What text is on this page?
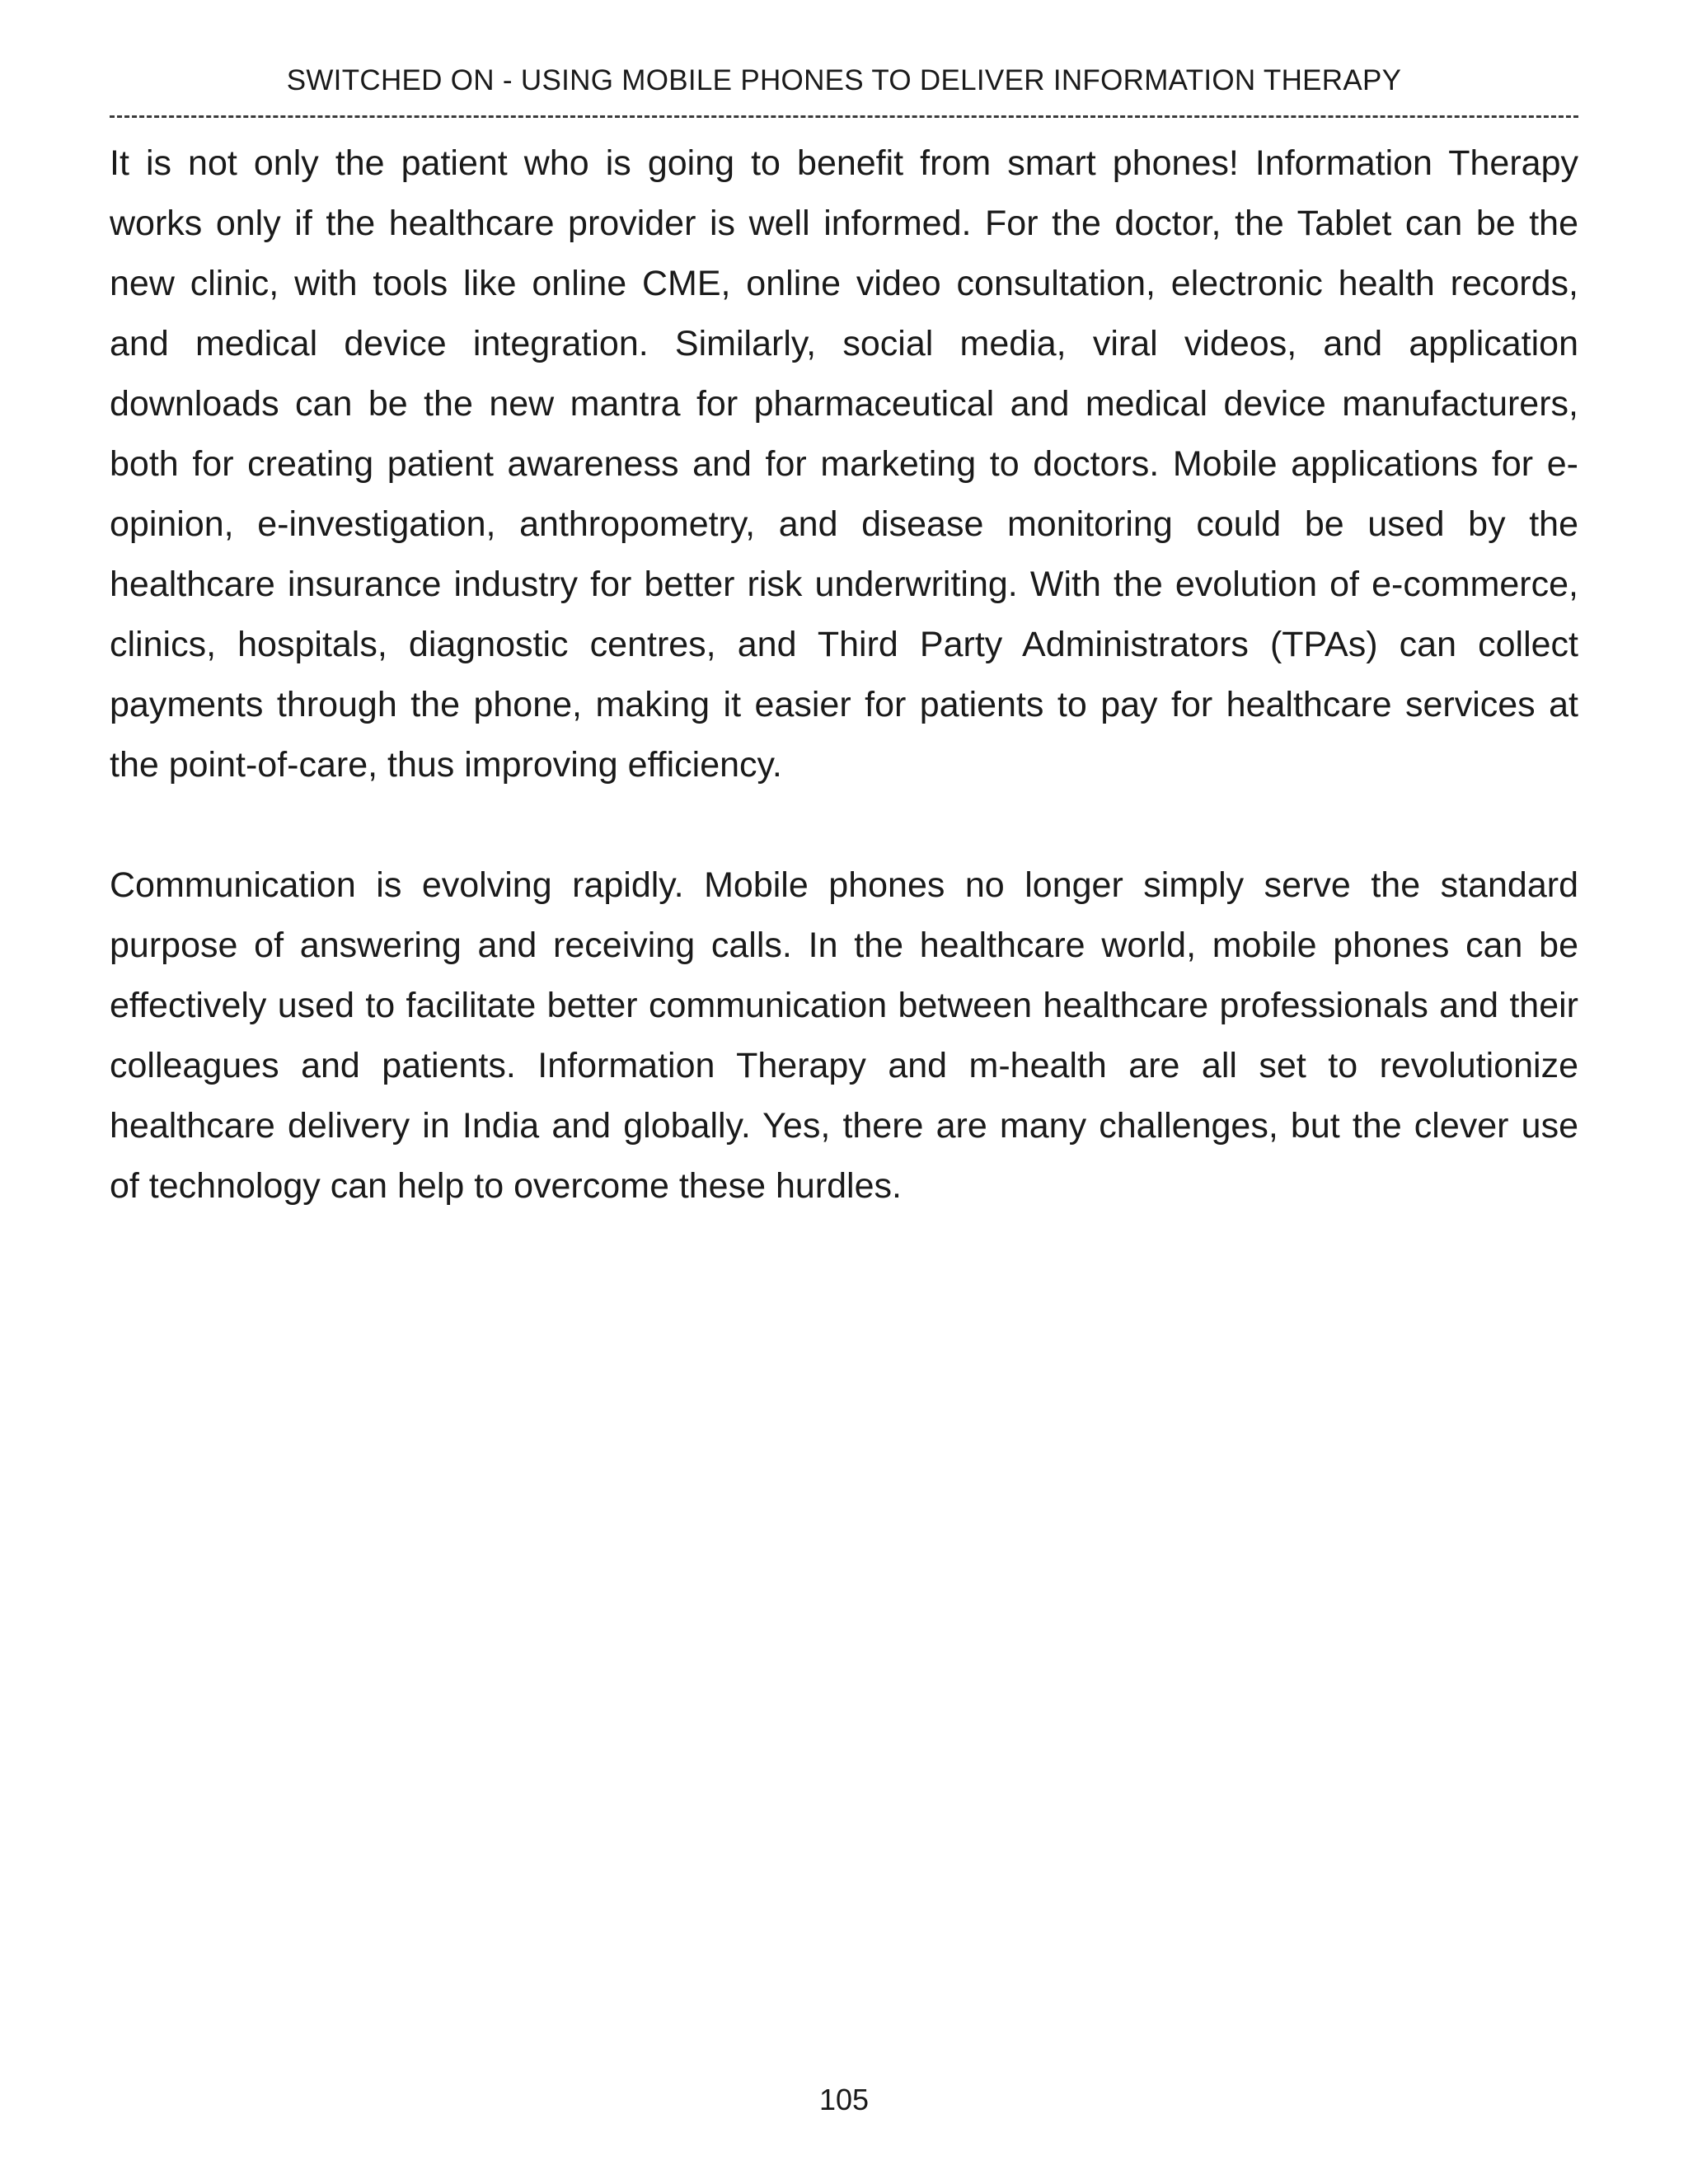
SWITCHED ON - USING MOBILE PHONES TO DELIVER INFORMATION THERAPY

It is not only the patient who is going to benefit from smart phones! Information Therapy works only if the healthcare provider is well informed. For the doctor, the Tablet can be the new clinic, with tools like online CME, online video consultation, electronic health records, and medical device integration. Similarly, social media, viral videos, and application downloads can be the new mantra for pharmaceutical and medical device manufacturers, both for creating patient awareness and for marketing to doctors. Mobile applications for e-opinion, e-investigation, anthropometry, and disease monitoring could be used by the healthcare insurance industry for better risk underwriting. With the evolution of e-commerce, clinics, hospitals, diagnostic centres, and Third Party Administrators (TPAs) can collect payments through the phone, making it easier for patients to pay for healthcare services at the point-of-care, thus improving efficiency.

Communication is evolving rapidly. Mobile phones no longer simply serve the standard purpose of answering and receiving calls. In the healthcare world, mobile phones can be effectively used to facilitate better communication between healthcare professionals and their colleagues and patients. Information Therapy and m-health are all set to revolutionize healthcare delivery in India and globally. Yes, there are many challenges, but the clever use of technology can help to overcome these hurdles.

105
